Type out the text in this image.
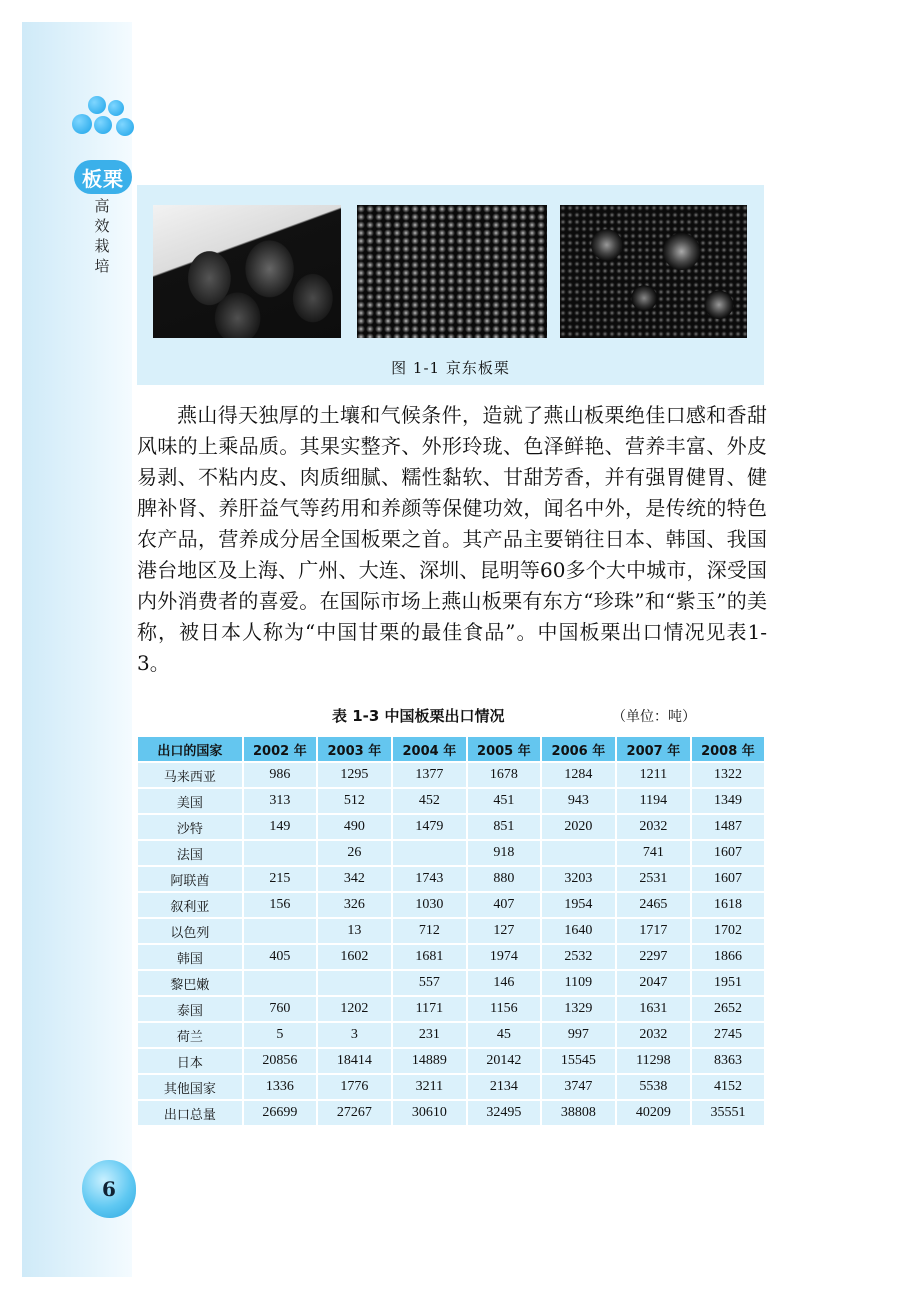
板栗
高效栽培
图 1-1 京东板栗

燕山得天独厚的土壤和气候条件，造就了燕山板栗绝佳口感和香甜风味的上乘品质。其果实整齐、外形玲珑、色泽鲜艳、营养丰富、外皮易剥、不粘内皮、肉质细腻、糯性黏软、甘甜芳香，并有强胃健胃、健脾补肾、养肝益气等药用和养颜等保健功效，闻名中外，是传统的特色农产品，营养成分居全国板栗之首。其产品主要销往日本、韩国、我国港台地区及上海、广州、大连、深圳、昆明等60多个大中城市，深受国内外消费者的喜爱。在国际市场上燕山板栗有东方“珍珠”和“紫玉”的美称，被日本人称为“中国甘栗的最佳食品”。中国板栗出口情况见表1-3。

表 1-3 中国板栗出口情况	（单位：吨）
出口的国家	2002 年	2003 年	2004 年	2005 年	2006 年	2007 年	2008 年
马来西亚	986	1295	1377	1678	1284	1211	1322
美国	313	512	452	451	943	1194	1349
沙特	149	490	1479	851	2020	2032	1487
法国		26		918		741	1607
阿联酋	215	342	1743	880	3203	2531	1607
叙利亚	156	326	1030	407	1954	2465	1618
以色列		13	712	127	1640	1717	1702
韩国	405	1602	1681	1974	2532	2297	1866
黎巴嫩			557	146	1109	2047	1951
泰国	760	1202	1171	1156	1329	1631	2652
荷兰	5	3	231	45	997	2032	2745
日本	20856	18414	14889	20142	15545	11298	8363
其他国家	1336	1776	3211	2134	3747	5538	4152
出口总量	26699	27267	30610	32495	38808	40209	35551
6
